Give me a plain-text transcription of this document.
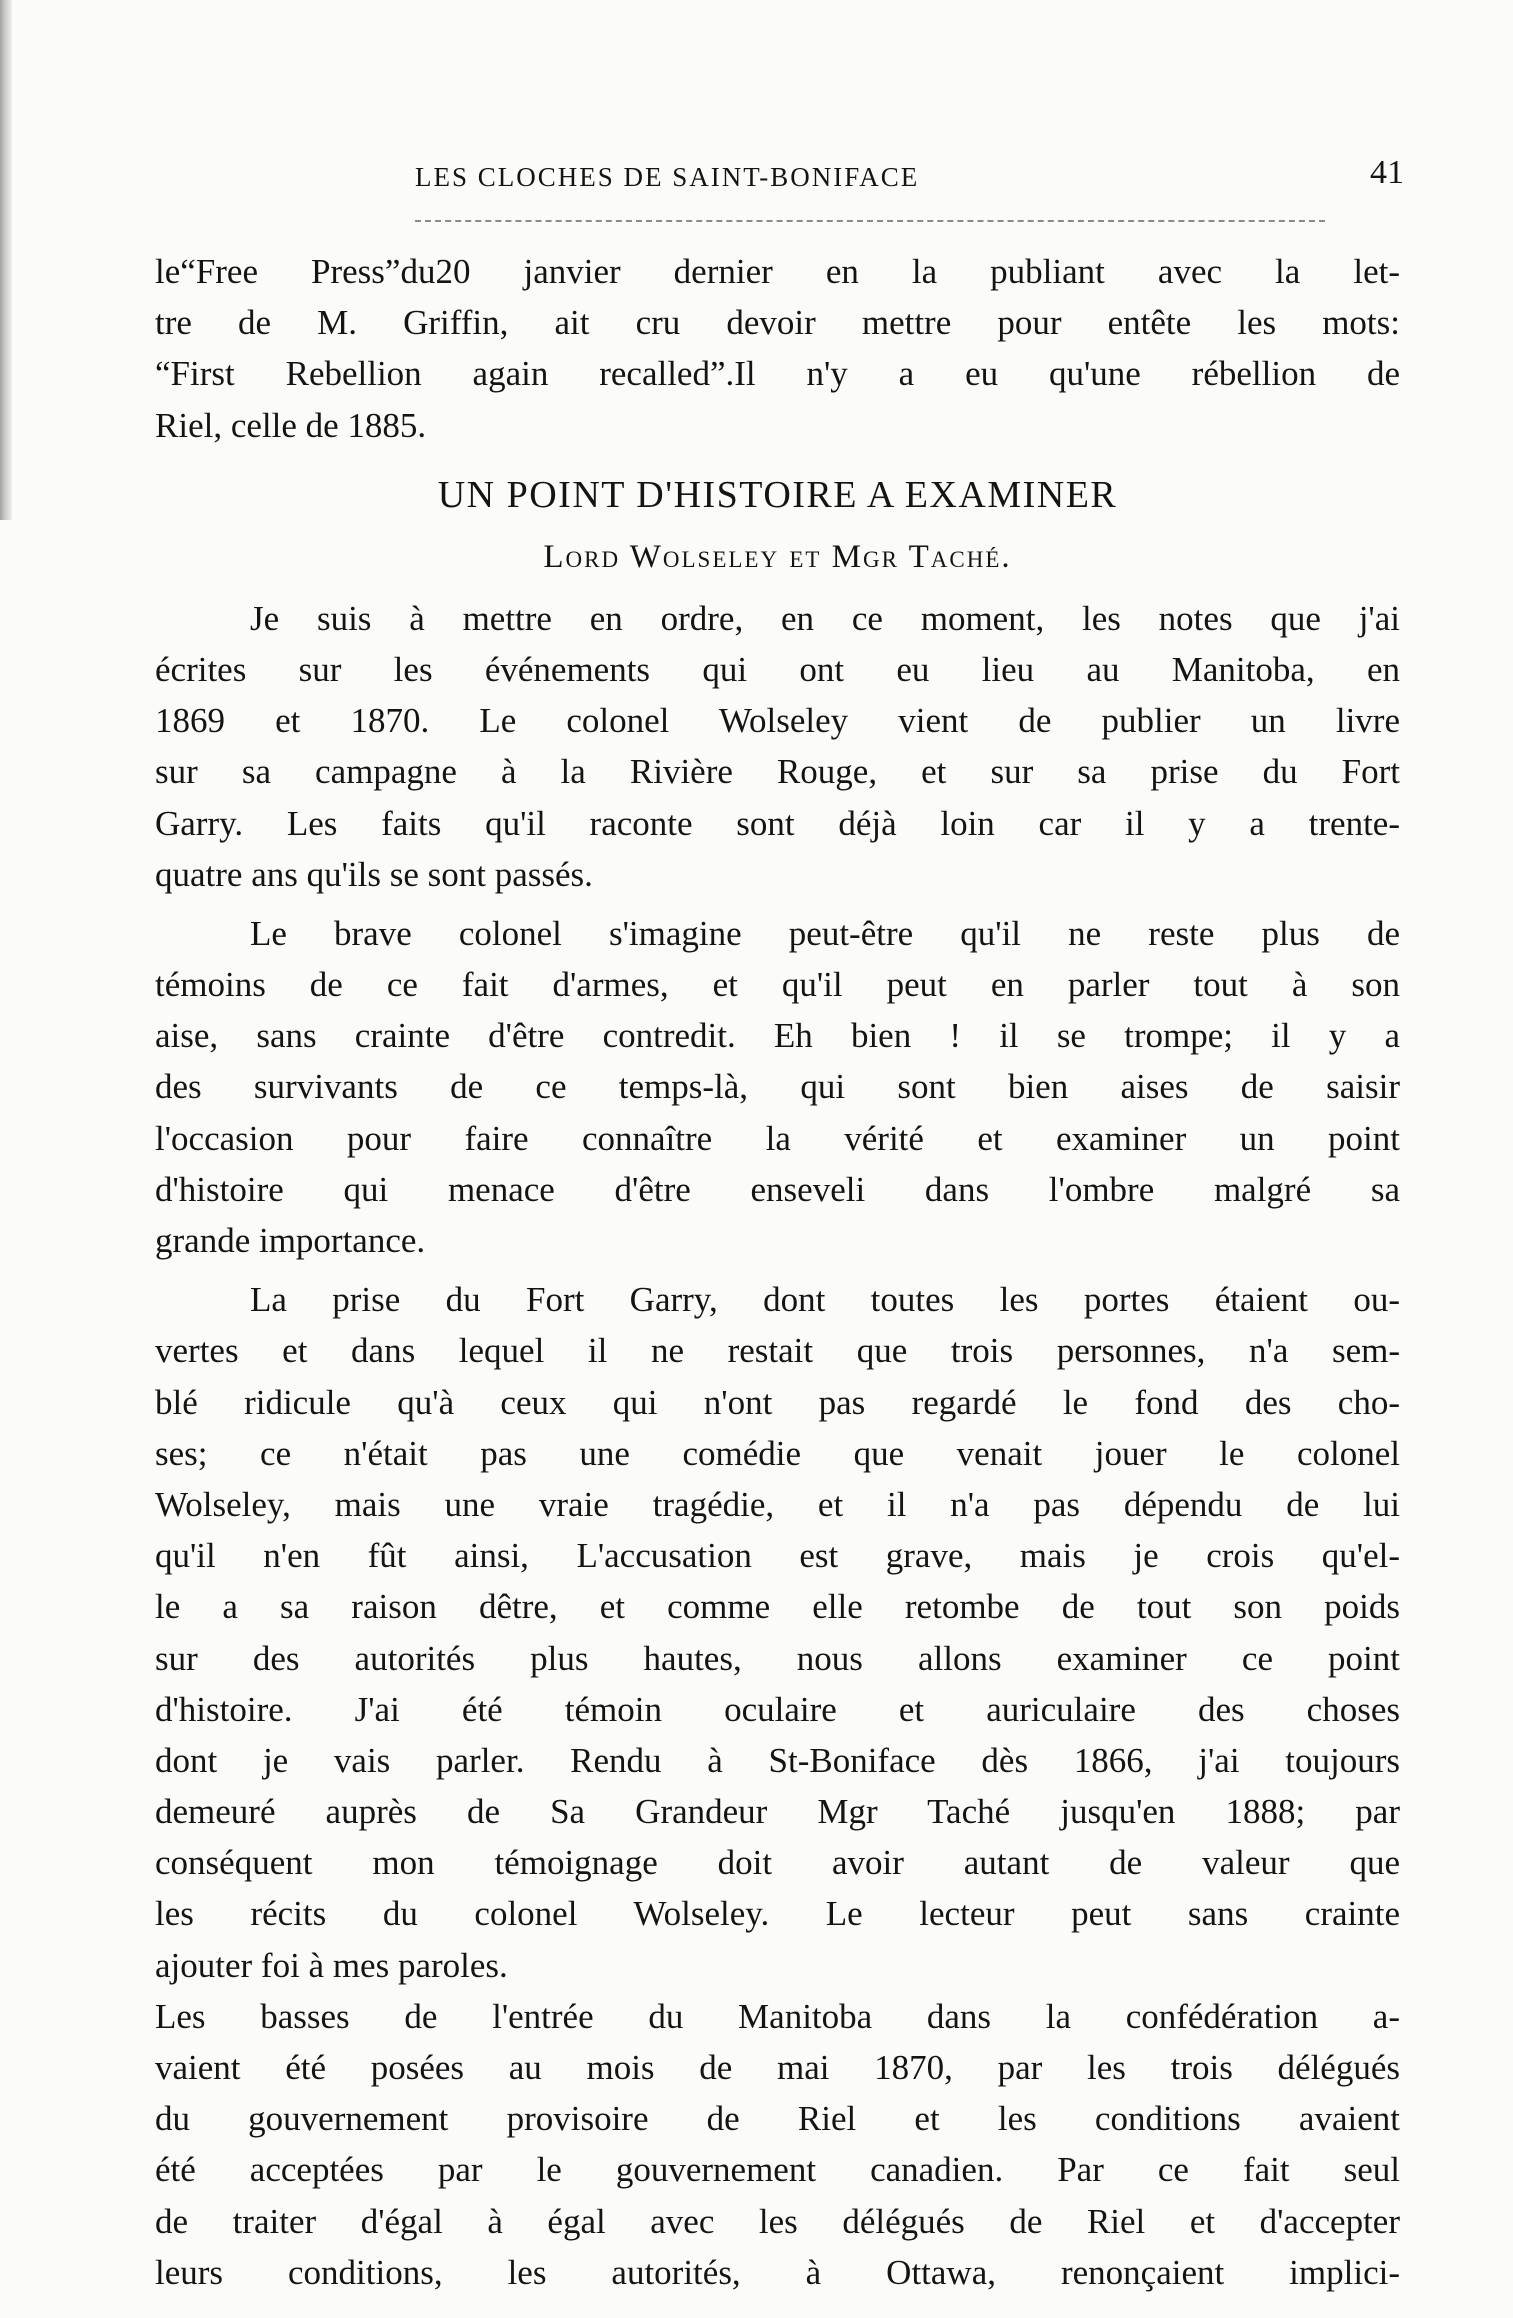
LES CLOCHES DE SAINT-BONIFACE	41
le“Free Press”du20 janvier dernier en la publiant avec la let-
tre de M. Griffin, ait cru devoir mettre pour entête les mots:
“First Rebellion again recalled”.Il n'y a eu qu'une rébellion de
Riel, celle de 1885.
UN POINT D'HISTOIRE A EXAMINER
Lord Wolseley et Mgr Taché.
Je suis à mettre en ordre, en ce moment, les notes que j'ai
écrites sur les événements qui ont eu lieu au Manitoba, en
1869 et 1870. Le colonel Wolseley vient de publier un livre
sur sa campagne à la Rivière Rouge, et sur sa prise du Fort
Garry. Les faits qu'il raconte sont déjà loin car il y a trente-
quatre ans qu'ils se sont passés.
Le brave colonel s'imagine peut-être qu'il ne reste plus de
témoins de ce fait d'armes, et qu'il peut en parler tout à son
aise, sans crainte d'être contredit. Eh bien ! il se trompe; il y a
des survivants de ce temps-là, qui sont bien aises de saisir
l'occasion pour faire connaître la vérité et examiner un point
d'histoire qui menace d'être enseveli dans l'ombre malgré sa
grande importance.
La prise du Fort Garry, dont toutes les portes étaient ou-
vertes et dans lequel il ne restait que trois personnes, n'a sem-
blé ridicule qu'à ceux qui n'ont pas regardé le fond des cho-
ses; ce n'était pas une comédie que venait jouer le colonel
Wolseley, mais une vraie tragédie, et il n'a pas dépendu de lui
qu'il n'en fût ainsi, L'accusation est grave, mais je crois qu'el-
le a sa raison dêtre, et comme elle retombe de tout son poids
sur des autorités plus hautes, nous allons examiner ce point
d'histoire. J'ai été témoin oculaire et auriculaire des choses
dont je vais parler. Rendu à St-Boniface dès 1866, j'ai toujours
demeuré auprès de Sa Grandeur Mgr Taché jusqu'en 1888; par
conséquent mon témoignage doit avoir autant de valeur que
les récits du colonel Wolseley. Le lecteur peut sans crainte
ajouter foi à mes paroles.
Les basses de l'entrée du Manitoba dans la confédération a-
vaient été posées au mois de mai 1870, par les trois délégués
du gouvernement provisoire de Riel et les conditions avaient
été acceptées par le gouvernement canadien. Par ce fait seul
de traiter d'égal à égal avec les délégués de Riel et d'accepter
leurs conditions, les autorités, à Ottawa, renonçaient implici-
